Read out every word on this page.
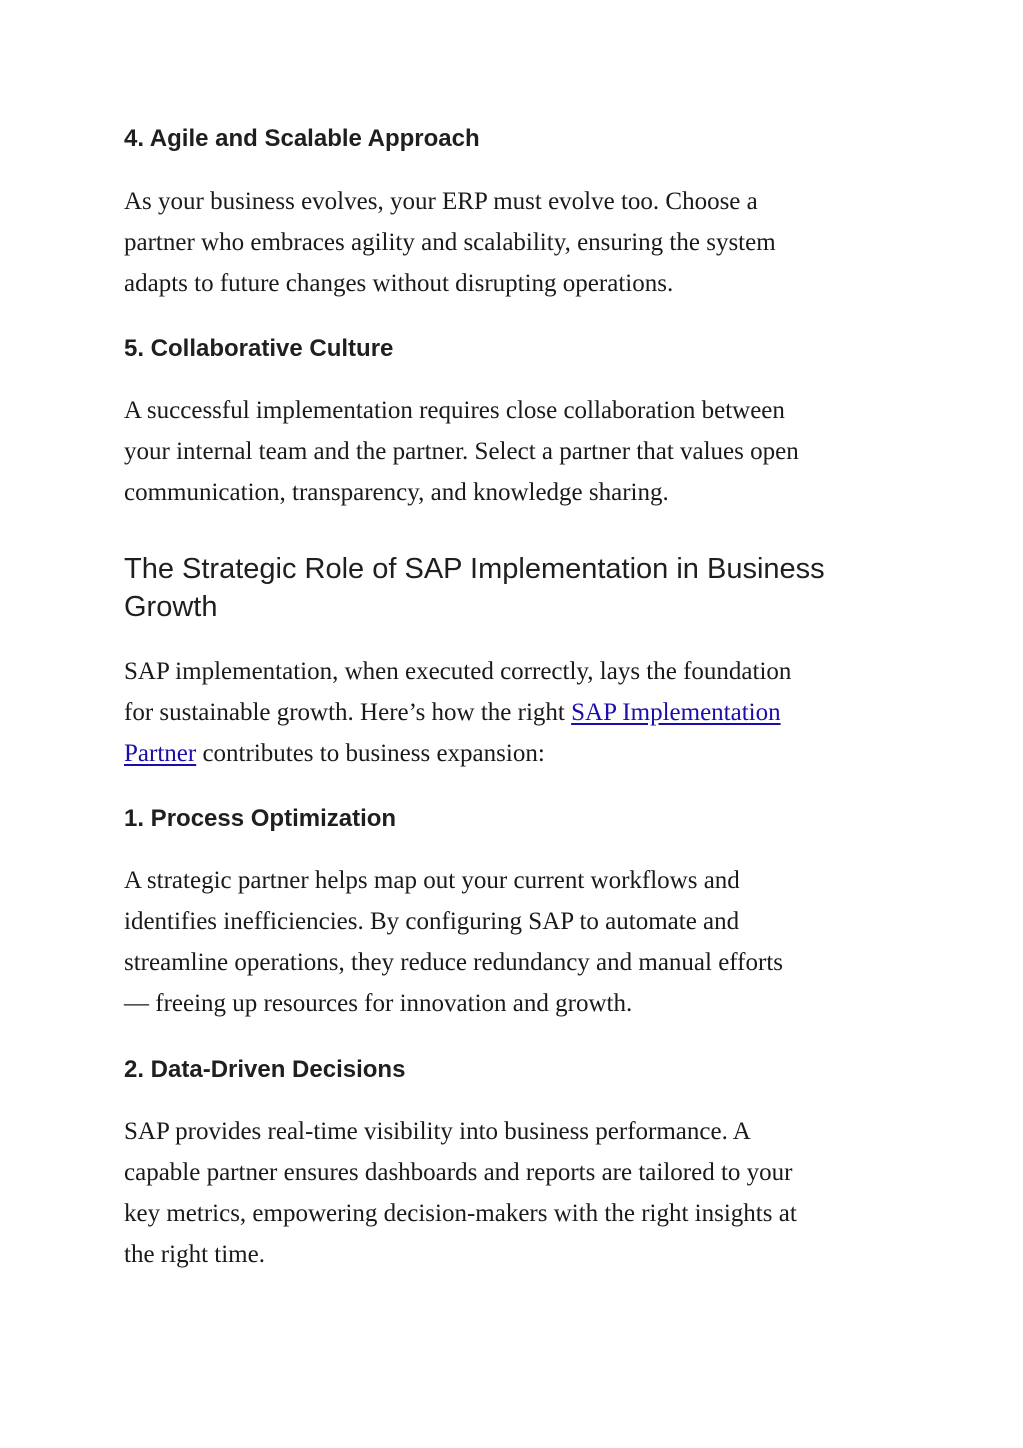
4. Agile and Scalable Approach

As your business evolves, your ERP must evolve too. Choose a
partner who embraces agility and scalability, ensuring the system
adapts to future changes without disrupting operations.

5. Collaborative Culture

A successful implementation requires close collaboration between
your internal team and the partner. Select a partner that values open
communication, transparency, and knowledge sharing.

The Strategic Role of SAP Implementation in Business
Growth

SAP implementation, when executed correctly, lays the foundation
for sustainable growth. Here’s how the right SAP Implementation
Partner contributes to business expansion:

1. Process Optimization

A strategic partner helps map out your current workflows and
identifies inefficiencies. By configuring SAP to automate and
streamline operations, they reduce redundancy and manual efforts
— freeing up resources for innovation and growth.

2. Data-Driven Decisions

SAP provides real-time visibility into business performance. A
capable partner ensures dashboards and reports are tailored to your
key metrics, empowering decision-makers with the right insights at
the right time.
